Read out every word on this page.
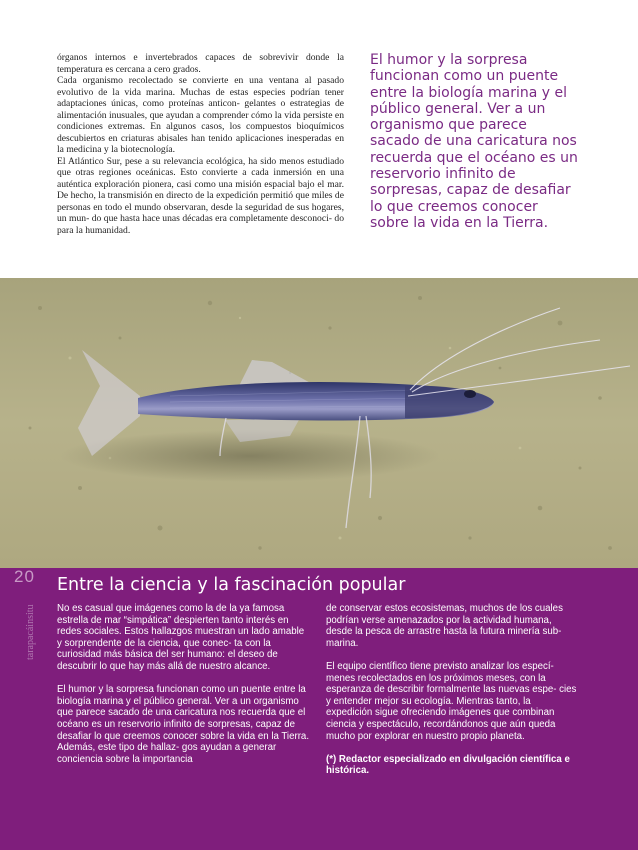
órganos internos e invertebrados capaces de sobrevivir donde la temperatura es cercana a cero grados.

Cada organismo recolectado se convierte en una ventana al pasado evolutivo de la vida marina. Muchas de estas especies podrían tener adaptaciones únicas, como proteínas anticon- gelantes o estrategias de alimentación inusuales, que ayudan a comprender cómo la vida persiste en condiciones extremas. En algunos casos, los compuestos bioquímicos descubiertos en criaturas abisales han tenido aplicaciones inesperadas en la medicina y la biotecnología.

El Atlántico Sur, pese a su relevancia ecológica, ha sido menos estudiado que otras regiones oceánicas. Esto convierte a cada inmersión en una auténtica exploración pionera, casi como una misión espacial bajo el mar. De hecho, la transmisión en directo de la expedición permitió que miles de personas en todo el mundo observaran, desde la seguridad de sus hogares, un mun- do que hasta hace unas décadas era completamente desconoci- do para la humanidad.

El humor y la sorpresa funcionan como un puente entre la biología marina y el público general. Ver a un organismo que parece sacado de una caricatura nos recuerda que el océano es un reservorio infinito de sorpresas, capaz de desafiar lo que creemos conocer sobre la vida en la Tierra.

20

tarapacáinsitu

Entre la ciencia y la fascinación popular

No es casual que imágenes como la de la ya famosa estrella de mar “simpática” despierten tanto interés en redes sociales. Estos hallazgos muestran un lado amable y sorprendente de la ciencia, que conec- ta con la curiosidad más básica del ser humano: el deseo de descubrir lo que hay más allá de nuestro alcance.

El humor y la sorpresa funcionan como un puente entre la biología marina y el público general. Ver a un organismo que parece sacado de una caricatura nos recuerda que el océano es un reservorio infinito de sorpresas, capaz de desafiar lo que creemos conocer sobre la vida en la Tierra. Además, este tipo de hallaz- gos ayudan a generar conciencia sobre la importancia

de conservar estos ecosistemas, muchos de los cuales podrían verse amenazados por la actividad humana, desde la pesca de arrastre hasta la futura minería sub- marina.

El equipo científico tiene previsto analizar los especí- menes recolectados en los próximos meses, con la esperanza de describir formalmente las nuevas espe- cies y entender mejor su ecología. Mientras tanto, la expedición sigue ofreciendo imágenes que combinan ciencia y espectáculo, recordándonos que aún queda mucho por explorar en nuestro propio planeta.

(*) Redactor especializado en divulgación científica e histórica.
